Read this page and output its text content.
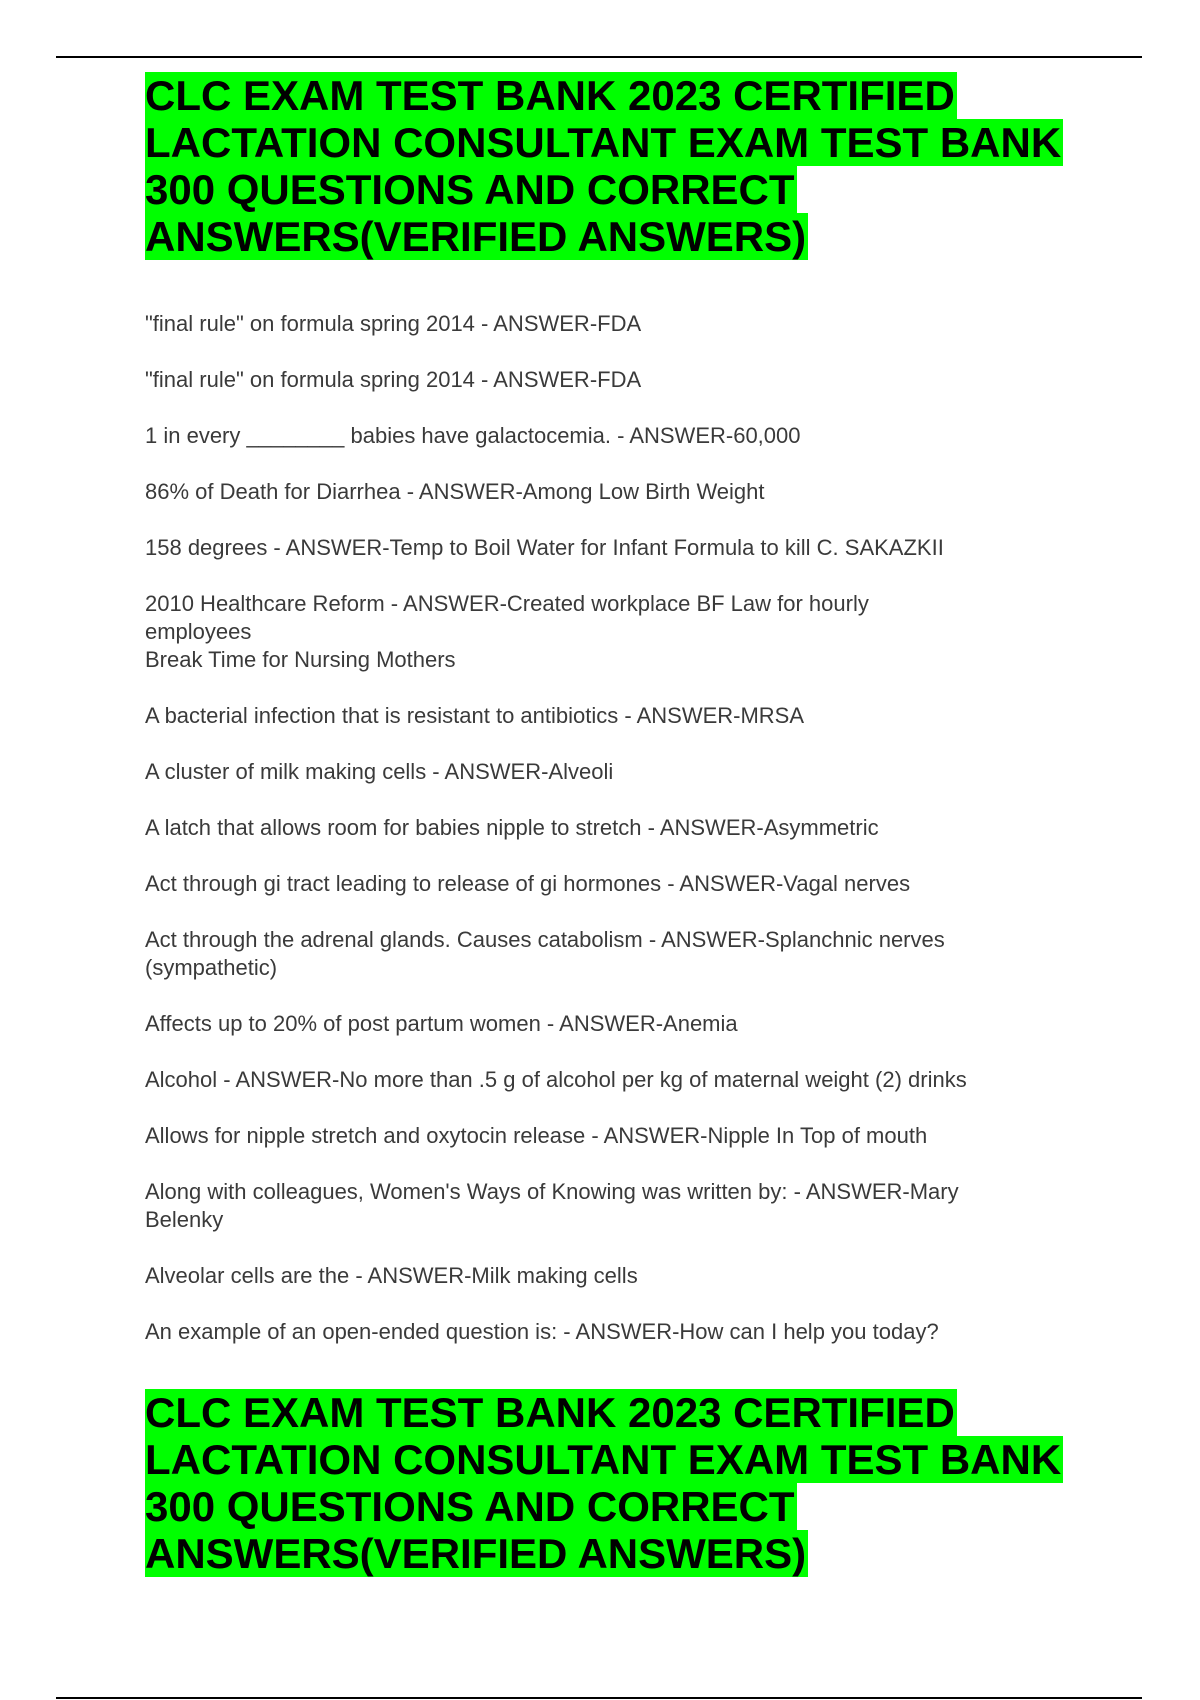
CLC EXAM TEST BANK 2023 CERTIFIED
LACTATION CONSULTANT EXAM TEST BANK
300 QUESTIONS AND CORRECT
ANSWERS(VERIFIED ANSWERS)
"final rule" on formula spring 2014 - ANSWER-FDA
"final rule" on formula spring 2014 - ANSWER-FDA
1 in every ________ babies have galactocemia. - ANSWER-60,000
86% of Death for Diarrhea - ANSWER-Among Low Birth Weight
158 degrees - ANSWER-Temp to Boil Water for Infant Formula to kill C. SAKAZKII
2010 Healthcare Reform - ANSWER-Created workplace BF Law for hourly
employees
Break Time for Nursing Mothers
A bacterial infection that is resistant to antibiotics - ANSWER-MRSA
A cluster of milk making cells - ANSWER-Alveoli
A latch that allows room for babies nipple to stretch - ANSWER-Asymmetric
Act through gi tract leading to release of gi hormones - ANSWER-Vagal nerves
Act through the adrenal glands. Causes catabolism - ANSWER-Splanchnic nerves
(sympathetic)
Affects up to 20% of post partum women - ANSWER-Anemia
Alcohol - ANSWER-No more than .5 g of alcohol per kg of maternal weight (2) drinks
Allows for nipple stretch and oxytocin release - ANSWER-Nipple In Top of mouth
Along with colleagues, Women's Ways of Knowing was written by: - ANSWER-Mary
Belenky
Alveolar cells are the - ANSWER-Milk making cells
An example of an open-ended question is: - ANSWER-How can I help you today?
CLC EXAM TEST BANK 2023 CERTIFIED
LACTATION CONSULTANT EXAM TEST BANK
300 QUESTIONS AND CORRECT
ANSWERS(VERIFIED ANSWERS)
